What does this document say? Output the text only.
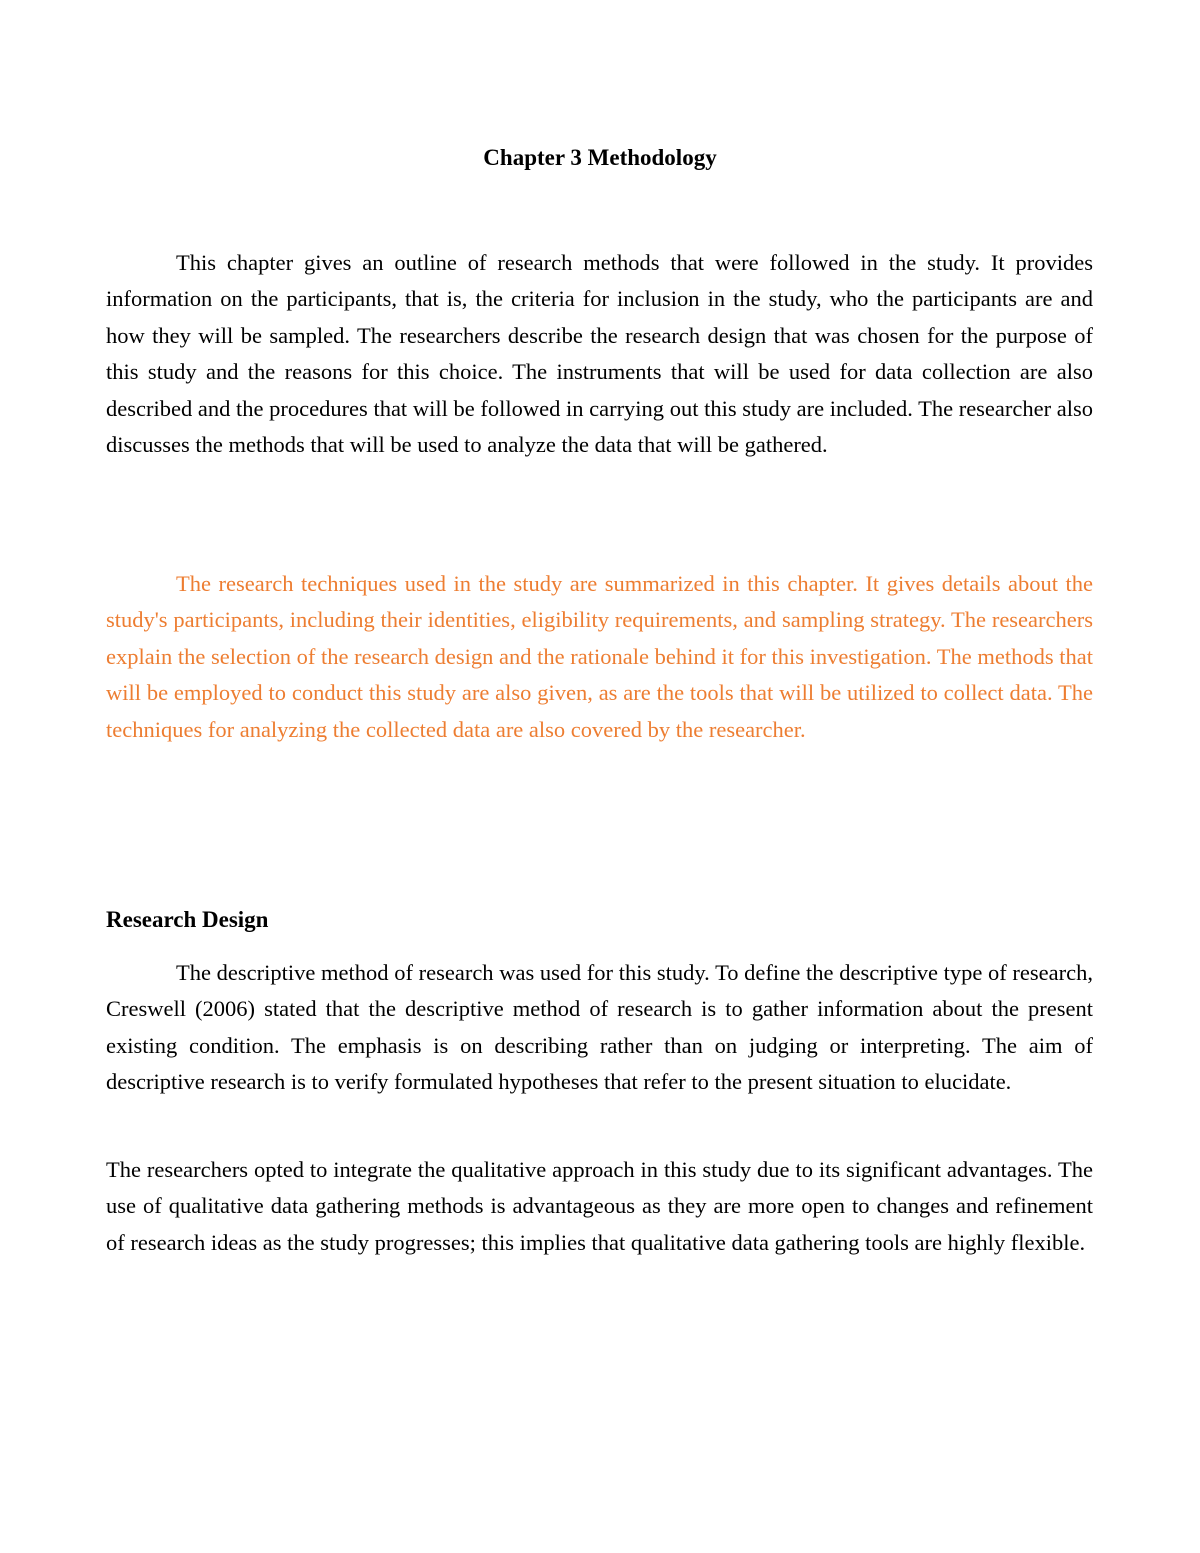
Chapter 3 Methodology

This chapter gives an outline of research methods that were followed in the study. It provides information on the participants, that is, the criteria for inclusion in the study, who the participants are and how they will be sampled. The researchers describe the research design that was chosen for the purpose of this study and the reasons for this choice. The instruments that will be used for data collection are also described and the procedures that will be followed in carrying out this study are included. The researcher also discusses the methods that will be used to analyze the data that will be gathered.

The research techniques used in the study are summarized in this chapter. It gives details about the study's participants, including their identities, eligibility requirements, and sampling strategy. The researchers explain the selection of the research design and the rationale behind it for this investigation. The methods that will be employed to conduct this study are also given, as are the tools that will be utilized to collect data. The techniques for analyzing the collected data are also covered by the researcher.

Research Design

The descriptive method of research was used for this study. To define the descriptive type of research, Creswell (2006) stated that the descriptive method of research is to gather information about the present existing condition. The emphasis is on describing rather than on judging or interpreting. The aim of descriptive research is to verify formulated hypotheses that refer to the present situation to elucidate.

The researchers opted to integrate the qualitative approach in this study due to its significant advantages. The use of qualitative data gathering methods is advantageous as they are more open to changes and refinement of research ideas as the study progresses; this implies that qualitative data gathering tools are highly flexible.
